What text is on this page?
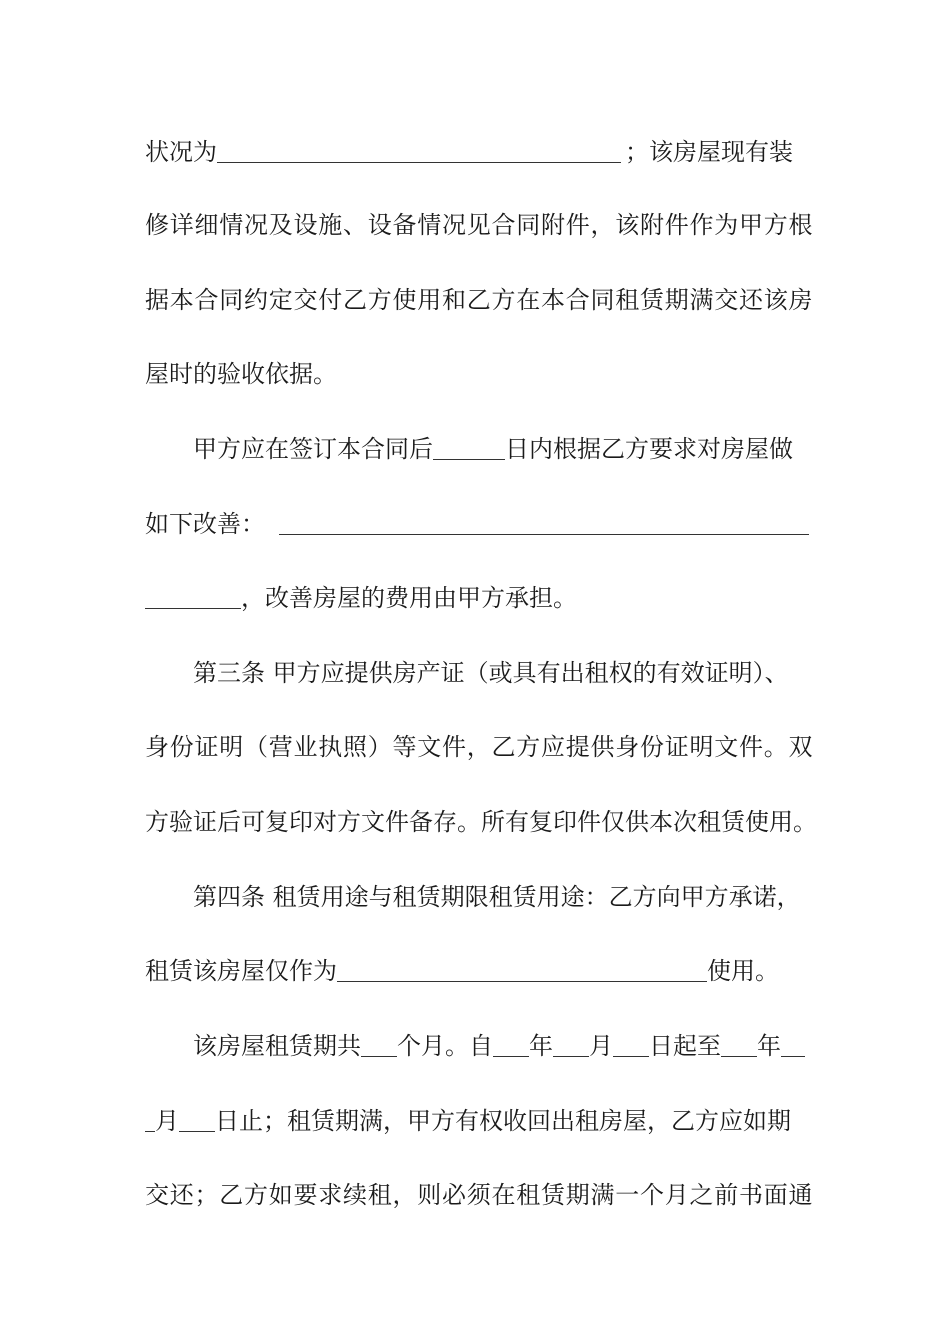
状况为	；该房屋现有装
修详细情况及设施、设备情况见合同附件，该附件作为甲方根
据本合同约定交付乙方使用和乙方在本合同租赁期满交还该房
屋时的验收依据。
甲方应在签订本合同后	日内根据乙方要求对房屋做
如下改善：
，改善房屋的费用由甲方承担。
第三条 甲方应提供房产证（或具有出租权的有效证明）、
身份证明（营业执照）等文件，乙方应提供身份证明文件。双
方验证后可复印对方文件备存。所有复印件仅供本次租赁使用。
第四条 租赁用途与租赁期限租赁用途：乙方向甲方承诺，
租赁该房屋仅作为	使用。
该房屋租赁期共 个月。自 年 月 日起至 年
月 日止；租赁期满，甲方有权收回出租房屋，乙方应如期
交还；乙方如要求续租，则必须在租赁期满一个月之前书面通
